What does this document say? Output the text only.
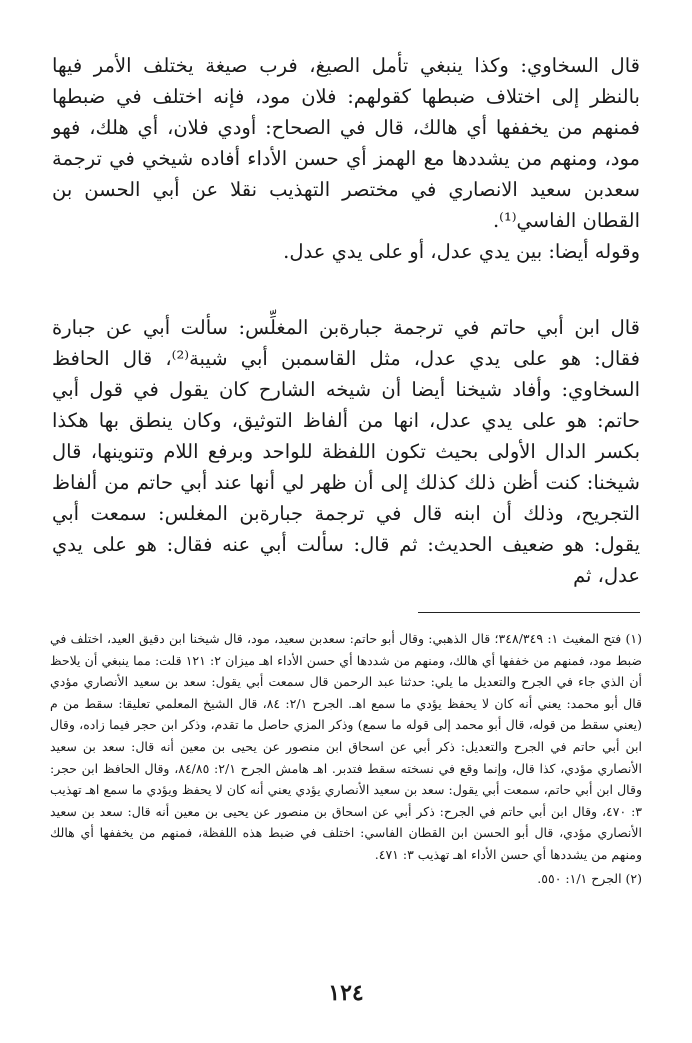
قال السخاوي: وكذا ينبغي تأمل الصيغ، فرب صيغة يختلف الأمر فيها بالنظر إلى اختلاف ضبطها كقولهم: فلان مود، فإنه اختلف في ضبطها فمنهم من يخففها أي هالك، قال في الصحاح: أودي فلان، أي هلك، فهو مود، ومنهم من يشددها مع الهمز أي حسن الأداء أفاده شيخي في ترجمة سعدبن سعيد الانصاري في مختصر التهذيب نقلا عن أبي الحسن بن القطان الفاسي⁽¹⁾.

وقوله أيضا: بين يدي عدل، أو على يدي عدل.

قال ابن أبي حاتم في ترجمة جبارةبن المغلِّس: سألت أبي عن جبارة فقال: هو على يدي عدل، مثل القاسمبن أبي شيبة⁽²⁾، قال الحافظ السخاوي: وأفاد شيخنا أيضا أن شيخه الشارح كان يقول في قول أبي حاتم: هو على يدي عدل، انها من ألفاظ التوثيق، وكان ينطق بها هكذا بكسر الدال الأولى بحيث تكون اللفظة للواحد وبرفع اللام وتنوينها، قال شيخنا: كنت أظن ذلك كذلك إلى أن ظهر لي أنها عند أبي حاتم من ألفاظ التجريح، وذلك أن ابنه قال في ترجمة جبارةبن المغلس: سمعت أبي يقول: هو ضعيف الحديث: ثم قال: سألت أبي عنه فقال: هو على يدي عدل، ثم

(١) فتح المغيث ١: ٣٤٨/٣٤٩؛ قال الذهبي: وقال أبو حاتم: سعدبن سعيد، مود، قال شيخنا ابن دقيق العيد، اختلف في ضبط مود، فمنهم من خففها أي هالك، ومنهم من شددها أي حسن الأداء اهـ ميزان ٢: ١٢١ قلت: مما ينبغي أن يلاحظ أن الذي جاء في الجرح والتعديل ما يلي: حدثنا عبد الرحمن قال سمعت أبي يقول: سعد بن سعيد الأنصاري مؤدي قال أبو محمد: يعني أنه كان لا يحفظ يؤدي ما سمع اهـ. الجرح ٢/١: ٨٤، قال الشيخ المعلمي تعليقا: سقط من م (يعني سقط من قوله، قال أبو محمد إلى قوله ما سمع) وذكر المزي حاصل ما تقدم، وذكر ابن حجر فيما زاده، وقال ابن أبي حاتم في الجرح والتعديل: ذكر أبي عن اسحاق ابن منصور عن يحيى بن معين أنه قال: سعد بن سعيد الأنصاري مؤدي، كذا قال، وإنما وقع في نسخته سقط فتدبر. اهـ هامش الجرح ٢/١: ٨٤/٨٥، وقال الحافظ ابن حجر: وقال ابن أبي حاتم، سمعت أبي يقول: سعد بن سعيد الأنصاري يؤدي يعني أنه كان لا يحفظ ويؤدي ما سمع اهـ تهذيب ٣: ٤٧٠، وقال ابن أبي حاتم في الجرح: ذكر أبي عن اسحاق بن منصور عن يحيى بن معين أنه قال: سعد بن سعيد الأنصاري مؤدي، قال أبو الحسن ابن القطان الفاسي: اختلف في ضبط هذه اللفظة، فمنهم من يخففها أي هالك ومنهم من يشددها أي حسن الأداء اهـ تهذيب ٣: ٤٧١.

(٢) الجرح ١/١: ٥٥٠.

١٢٤
